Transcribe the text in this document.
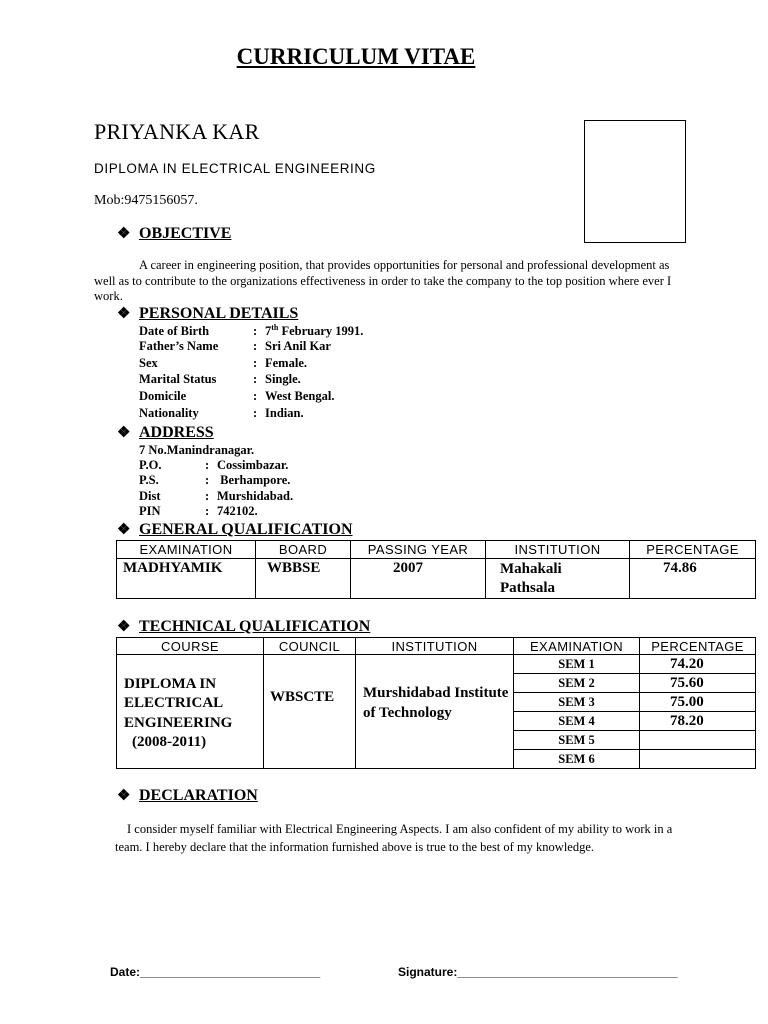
CURRICULUM VITAE
PRIYANKA KAR
DIPLOMA IN ELECTRICAL ENGINEERING
Mob:9475156057.
❖ OBJECTIVE
A career in engineering position, that provides opportunities for personal and professional development as well as to contribute to the organizations effectiveness in order to take the company to the top position where ever I work.
❖ PERSONAL DETAILS
Date of Birth	: 7th February 1991.
Father’s Name	: Sri Anil Kar
Sex	: Female.
Marital Status	: Single.
Domicile	: West Bengal.
Nationality	: Indian.
❖ ADDRESS
7 No.Manindranagar.
P.O.	: Cossimbazar.
P.S.	: Berhampore.
Dist	: Murshidabad.
PIN	: 742102.
❖ GENERAL QUALIFICATION
EXAMINATION	BOARD	PASSING YEAR	INSTITUTION	PERCENTAGE
MADHYAMIK	WBBSE	2007	Mahakali Pathsala	74.86
❖ TECHNICAL QUALIFICATION
COURSE	COUNCIL	INSTITUTION	EXAMINATION	PERCENTAGE

DIPLOMA IN ELECTRICAL ENGINEERING
(2008-2011)	WBSCTE	Murshidabad Institute of Technology	SEM 1	74.20
			SEM 2	75.60
			SEM 3	75.00
			SEM 4	78.20
			SEM 5	
			SEM 6	
❖ DECLARATION
I consider myself familiar with Electrical Engineering Aspects. I am also confident of my ability to work in a team. I hereby declare that the information furnished above is true to the best of my knowledge.
Date:___________________________	Signature:_________________________________
